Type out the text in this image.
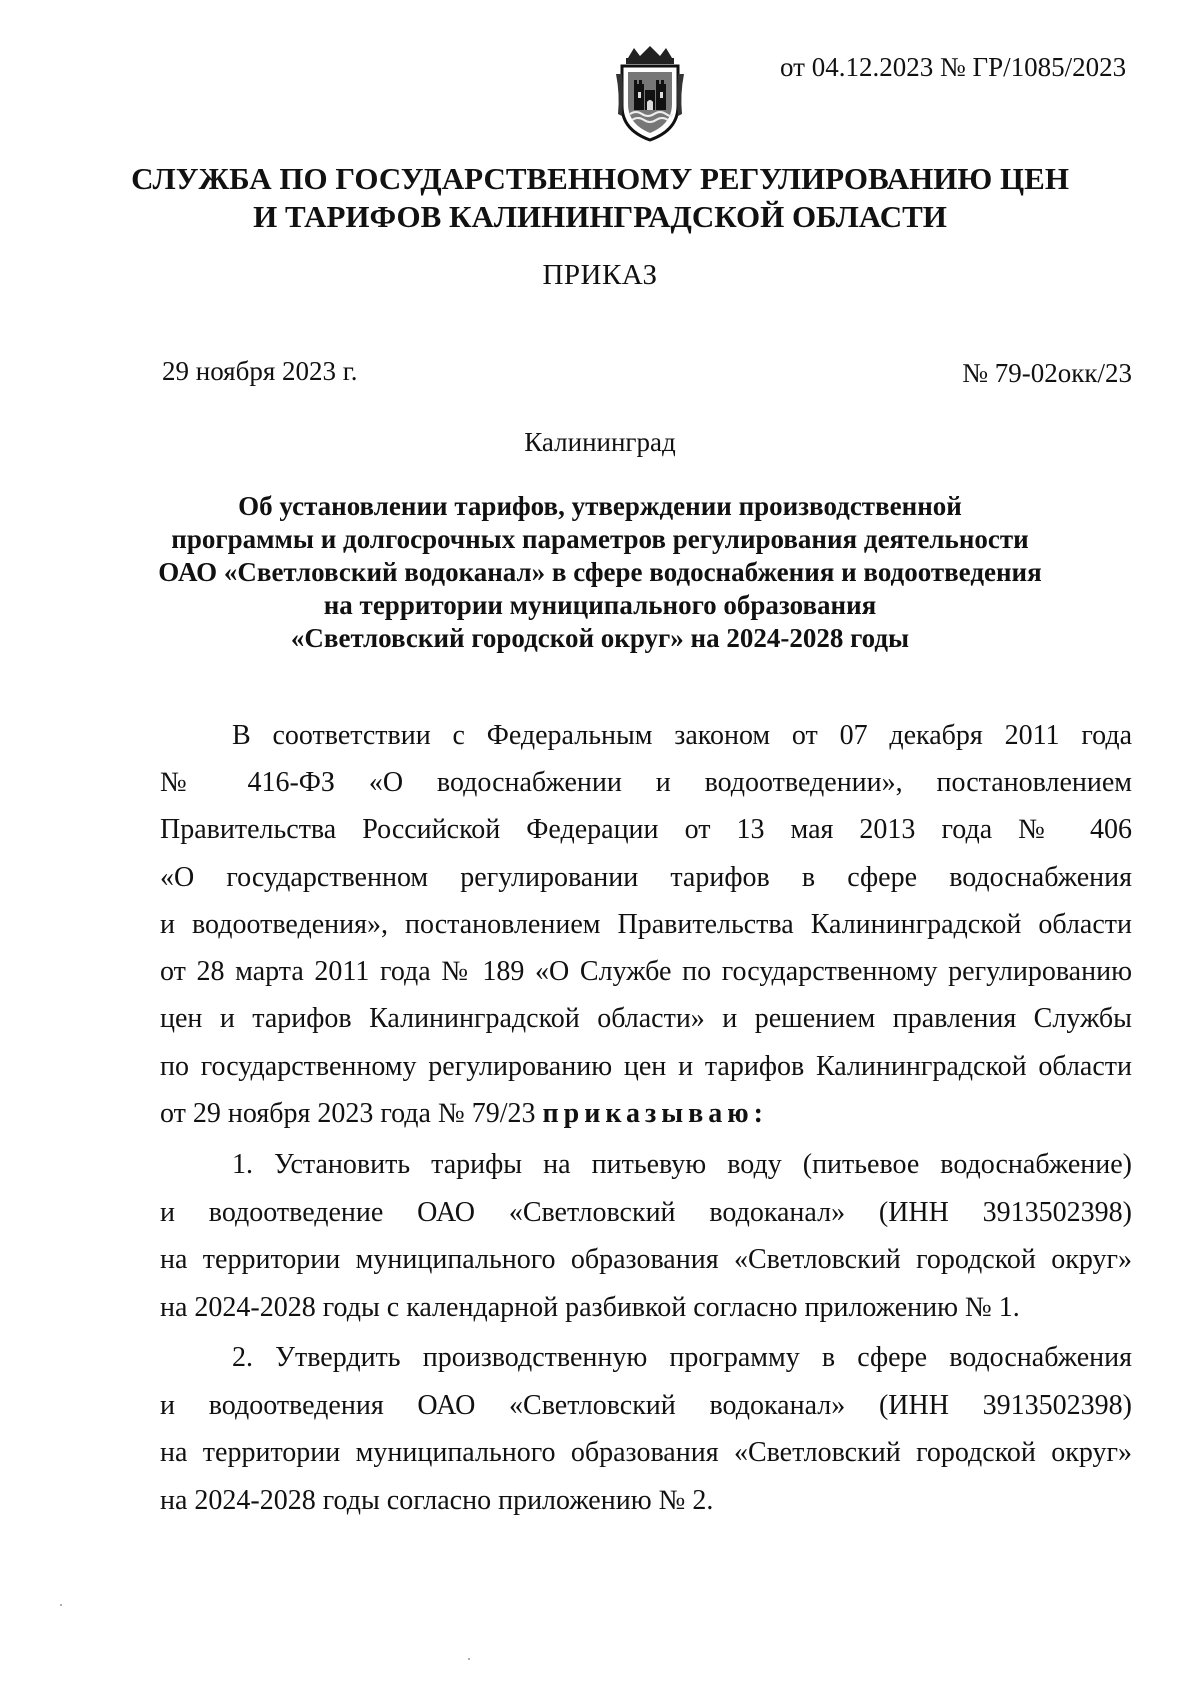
от 04.12.2023 № ГР/1085/2023
СЛУЖБА ПО ГОСУДАРСТВЕННОМУ РЕГУЛИРОВАНИЮ ЦЕН
И ТАРИФОВ КАЛИНИНГРАДСКОЙ ОБЛАСТИ
ПРИКАЗ
29 ноября 2023 г.	№ 79-02окк/23
Калининград
Об установлении тарифов, утверждении производственной
программы и долгосрочных параметров регулирования деятельности
ОАО «Светловский водоканал» в сфере водоснабжения и водоотведения
на территории муниципального образования
«Светловский городской округ» на 2024-2028 годы
В соответствии с Федеральным законом от 07 декабря 2011 года
№ 416-ФЗ «О водоснабжении и водоотведении», постановлением
Правительства Российской Федерации от 13 мая 2013 года № 406
«О государственном регулировании тарифов в сфере водоснабжения
и водоотведения», постановлением Правительства Калининградской области
от 28 марта 2011 года № 189 «О Службе по государственному регулированию
цен и тарифов Калининградской области» и решением правления Службы
по государственному регулированию цен и тарифов Калининградской области
от 29 ноября 2023 года № 79/23 приказываю:
1. Установить тарифы на питьевую воду (питьевое водоснабжение)
и водоотведение ОАО «Светловский водоканал» (ИНН 3913502398)
на территории муниципального образования «Светловский городской округ»
на 2024-2028 годы с календарной разбивкой согласно приложению № 1.
2. Утвердить производственную программу в сфере водоснабжения
и водоотведения ОАО «Светловский водоканал» (ИНН 3913502398)
на территории муниципального образования «Светловский городской округ»
на 2024-2028 годы согласно приложению № 2.
